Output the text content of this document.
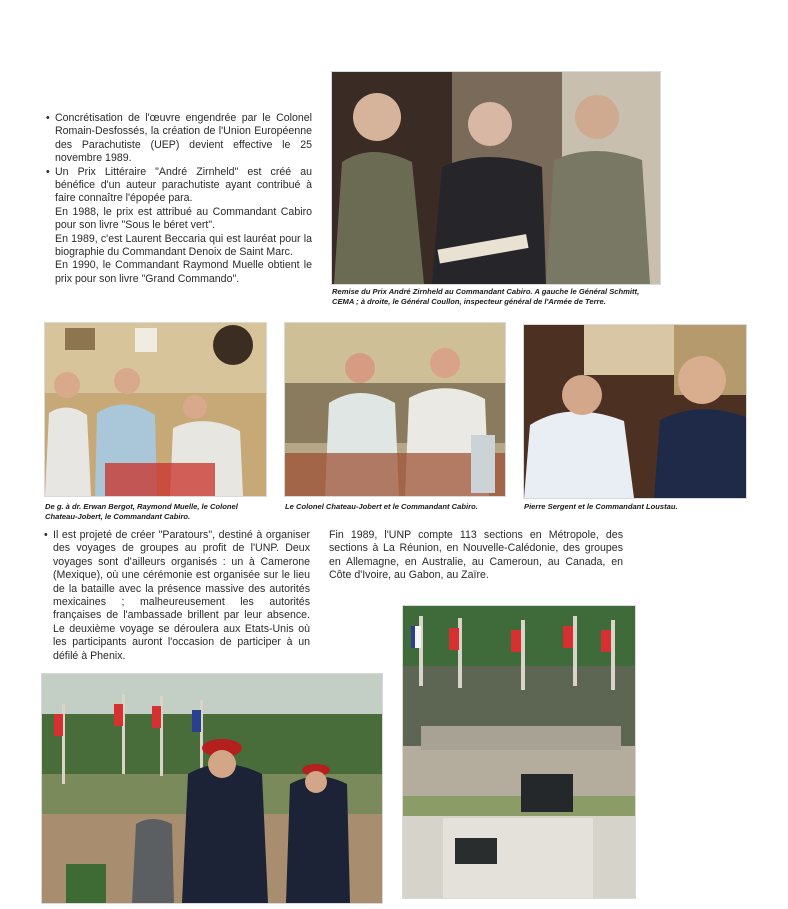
• Concrétisation de l'œuvre engendrée par le Colonel Romain-Desfossés, la création de l'Union Européenne des Parachutiste (UEP) devient effective le 25 novembre 1989.
• Un Prix Littéraire "André Zirnheld" est créé au bénéfice d'un auteur parachutiste ayant contribué à faire connaître l'épopée para.
En 1988, le prix est attribué au Commandant Cabiro pour son livre "Sous le béret vert".
En 1989, c'est Laurent Beccaria qui est lauréat pour la biographie du Commandant Denoix de Saint Marc.
En 1990, le Commandant Raymond Muelle obtient le prix pour son livre "Grand Commando".
Remise du Prix André Zirnheld au Commandant Cabiro. A gauche le Général Schmitt, CEMA ; à droite, le Général Coullon, inspecteur général de l'Armée de Terre.
De g. à dr. Erwan Bergot, Raymond Muelle, le Colonel Chateau-Jobert, le Commandant Cabiro.
Le Colonel Chateau-Jobert et le Commandant Cabiro.	Pierre Sergent et le Commandant Loustau.
• Il est projeté de créer "Paratours", destiné à organiser des voyages de groupes au profit de l'UNP. Deux voyages sont d'ailleurs organisés : un à Camerone (Mexique), où une cérémonie est organisée sur le lieu de la bataille avec la présence massive des autorités mexicaines ; malheureusement les autorités françaises de l'ambassade brillent par leur absence. Le deuxième voyage se déroulera aux Etats-Unis où les participants auront l'occasion de participer à un défilé à Phenix.
Fin 1989, l'UNP compte 113 sections en Métropole, des sections à La Réunion, en Nouvelle-Calédonie, des groupes en Allemagne, en Australie, au Cameroun, au Canada, en Côte d'Ivoire, au Gabon, au Zaïre.
